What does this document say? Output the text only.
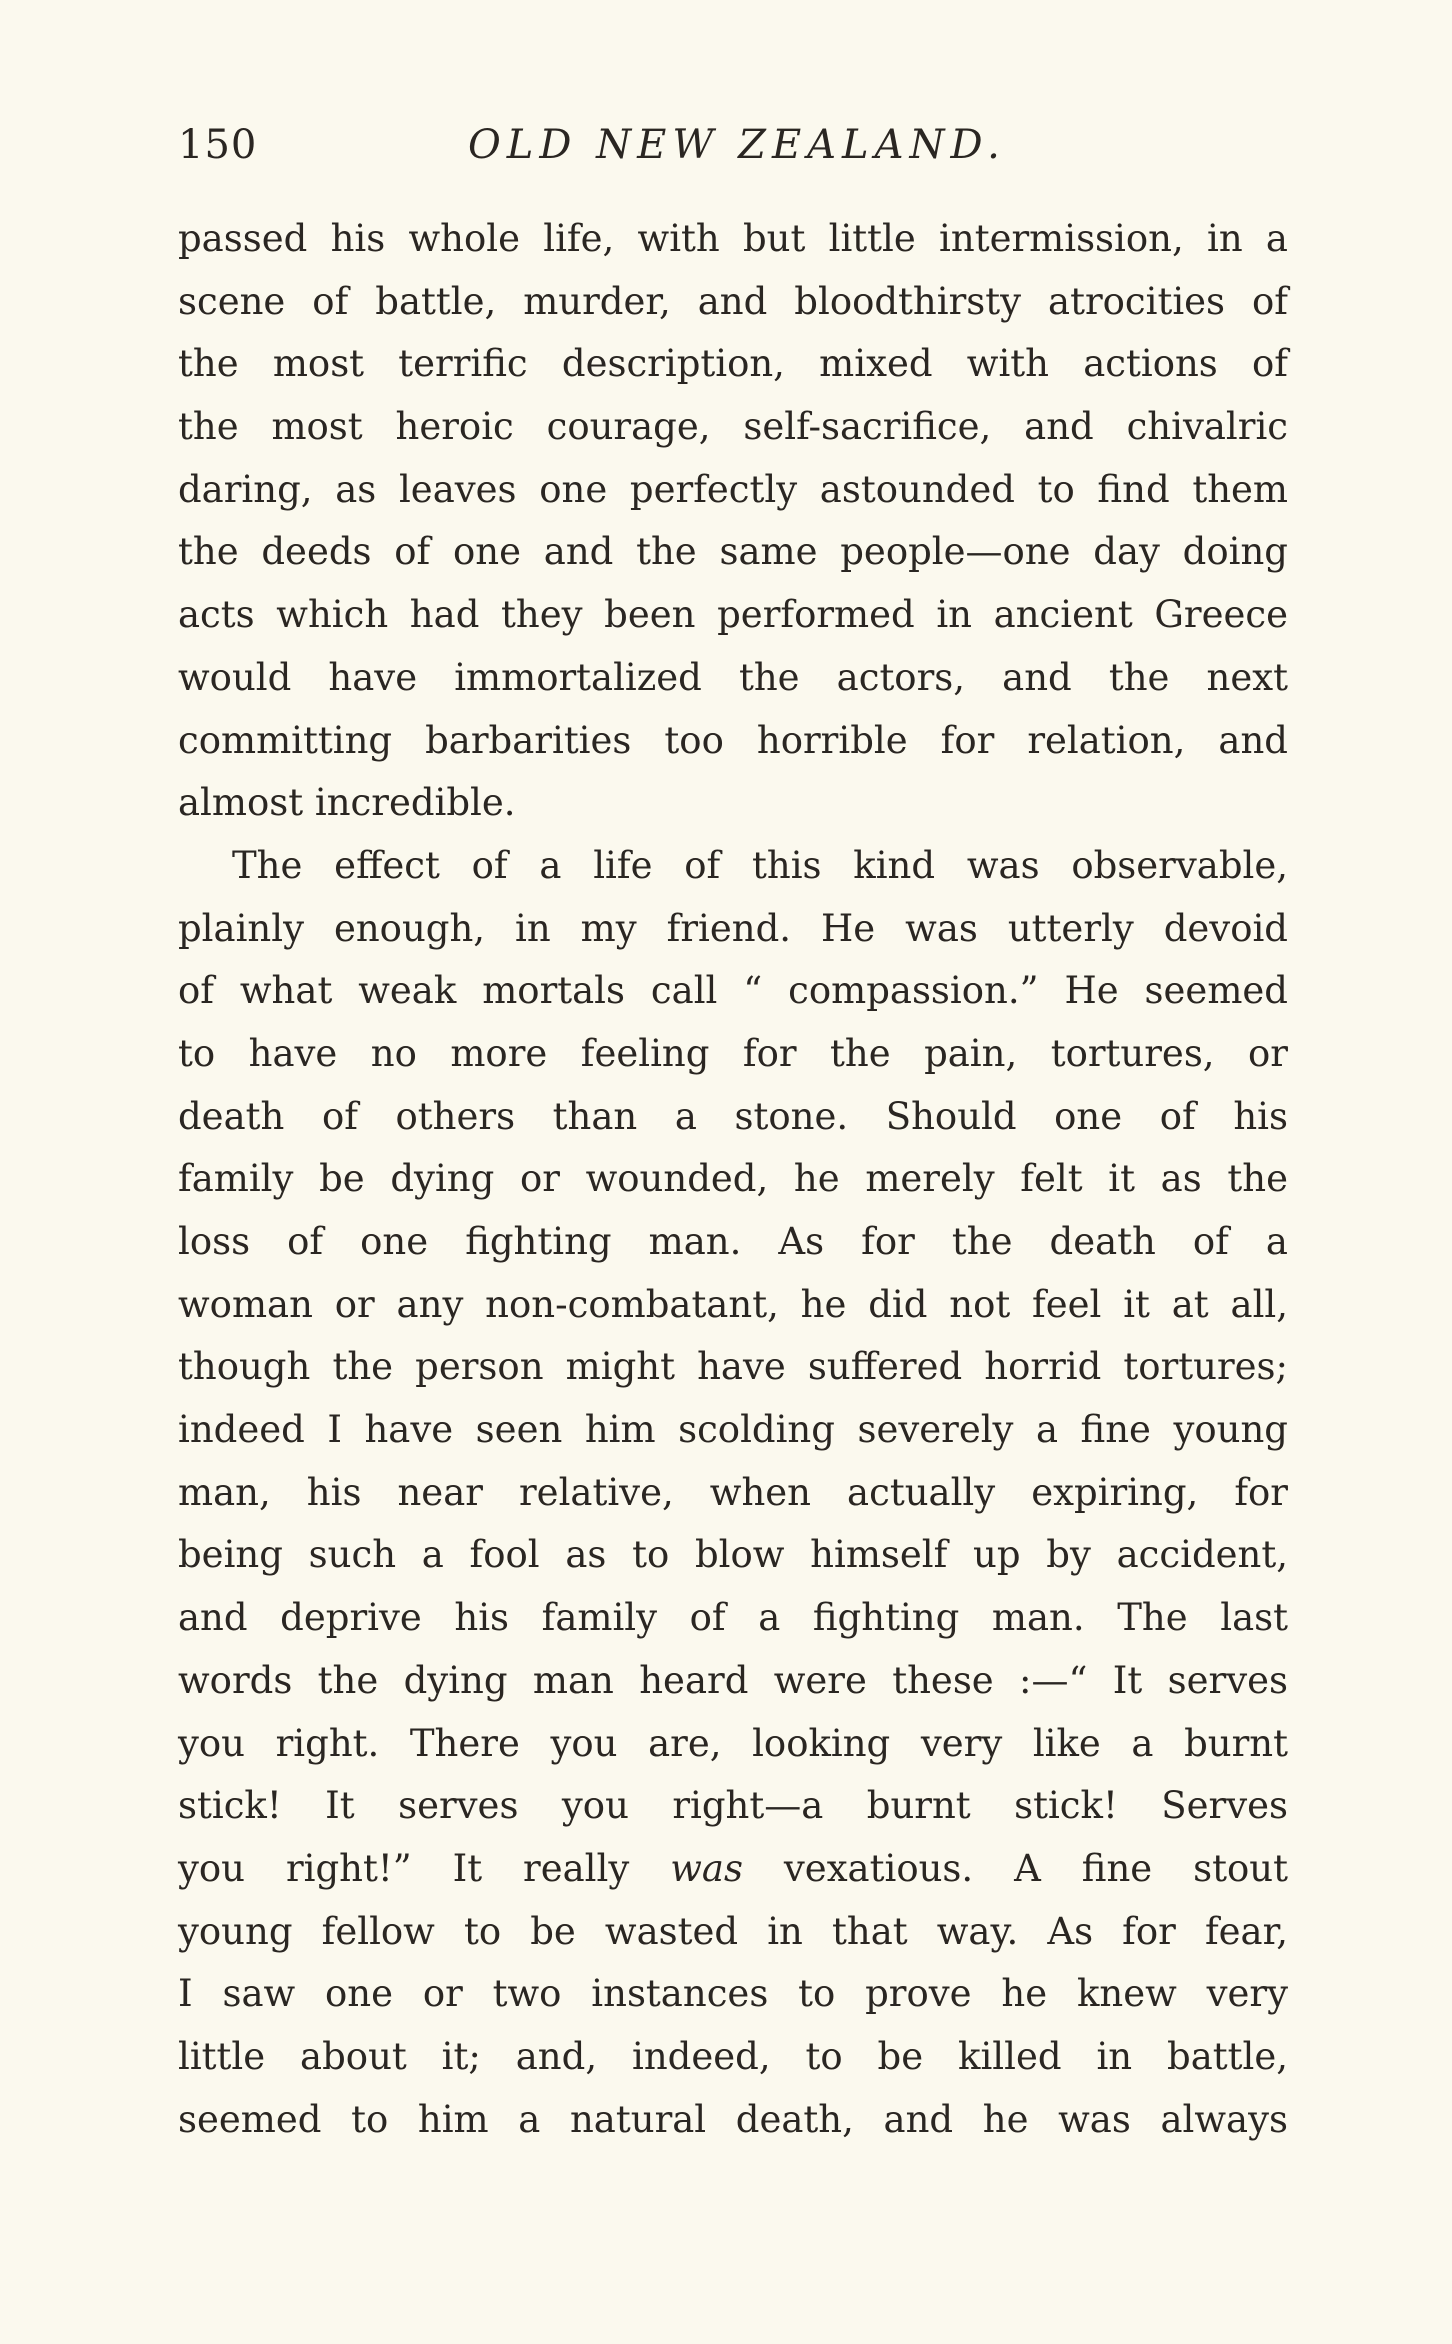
150	OLD NEW ZEALAND.
passed his whole life, with but little intermission, in a
scene of battle, murder, and bloodthirsty atrocities of
the most terrific description, mixed with actions of
the most heroic courage, self-sacrifice, and chivalric
daring, as leaves one perfectly astounded to find them
the deeds of one and the same people—one day doing
acts which had they been performed in ancient Greece
would have immortalized the actors, and the next
committing barbarities too horrible for relation, and
almost incredible.
The effect of a life of this kind was observable,
plainly enough, in my friend. He was utterly devoid
of what weak mortals call “ compassion.” He seemed
to have no more feeling for the pain, tortures, or
death of others than a stone. Should one of his
family be dying or wounded, he merely felt it as the
loss of one fighting man. As for the death of a
woman or any non-combatant, he did not feel it at all,
though the person might have suffered horrid tortures;
indeed I have seen him scolding severely a fine young
man, his near relative, when actually expiring, for
being such a fool as to blow himself up by accident,
and deprive his family of a fighting man. The last
words the dying man heard were these :—“ It serves
you right. There you are, looking very like a burnt
stick! It serves you right—a burnt stick! Serves
you right!” It really was vexatious. A fine stout
young fellow to be wasted in that way. As for fear,
I saw one or two instances to prove he knew very
little about it; and, indeed, to be killed in battle,
seemed to him a natural death, and he was always
